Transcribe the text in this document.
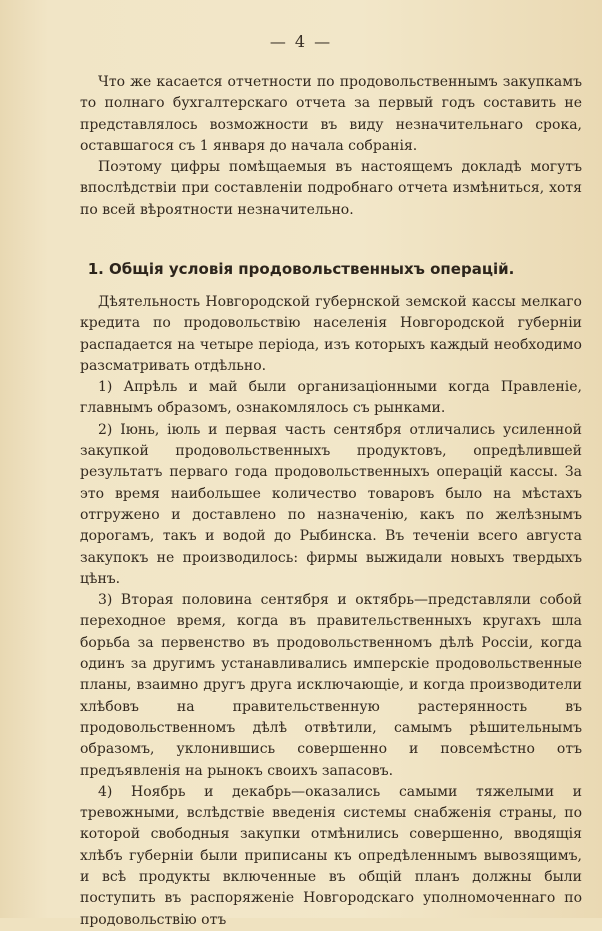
— 4 —

Что же касается отчетности по продовольственнымъ закупкамъ то полнаго бухгалтерскаго отчета за первый годъ составить не представлялось возможности въ виду незначительнаго срока, оставшагося съ 1 января до начала собранія.

Поэтому цифры помѣщаемыя въ настоящемъ докладѣ могутъ впослѣдствіи при составленіи подробнаго отчета измѣниться, хотя по всей вѣроятности незначительно.

1. Общія условія продовольственныхъ операцій.

Дѣятельность Новгородской губернской земской кассы мелкаго кредита по продовольствію населенія Новгородской губерніи распадается на четыре періода, изъ которыхъ каждый необходимо разсматривать отдѣльно.

1) Апрѣль и май были организаціонными когда Правленіе, главнымъ образомъ, ознакомлялось съ рынками.

2) Іюнь, іюль и первая часть сентября отличались усиленной закупкой продовольственныхъ продуктовъ, опредѣлившей результатъ перваго года продовольственныхъ операцій кассы. За это время наибольшее количество товаровъ было на мѣстахъ отгружено и доставлено по назначенію, какъ по желѣзнымъ дорогамъ, такъ и водой до Рыбинска. Въ теченіи всего августа закупокъ не производилось: фирмы выжидали новыхъ твердыхъ цѣнъ.

3) Вторая половина сентября и октябрь—представляли собой переходное время, когда въ правительственныхъ кругахъ шла борьба за первенство въ продовольственномъ дѣлѣ Россіи, когда одинъ за другимъ устанавливались имперскіе продовольственные планы, взаимно другъ друга исключающіе, и когда производители хлѣбовъ на правительственную растерянность въ продовольственномъ дѣлѣ отвѣтили, самымъ рѣшительнымъ образомъ, уклонившись совершенно и повсемѣстно отъ предъявленія на рынокъ своихъ запасовъ.

4) Ноябрь и декабрь—оказались самыми тяжелыми и тревожными, вслѣдствіе введенія системы снабженія страны, по которой свободныя закупки отмѣнились совершенно, вводящія хлѣбъ губерніи были приписаны къ опредѣленнымъ вывозящимъ, и всѣ продукты включенные въ общій планъ должны были поступить въ распоряженіе Новгородскаго уполномоченнаго по продовольствію отъ
